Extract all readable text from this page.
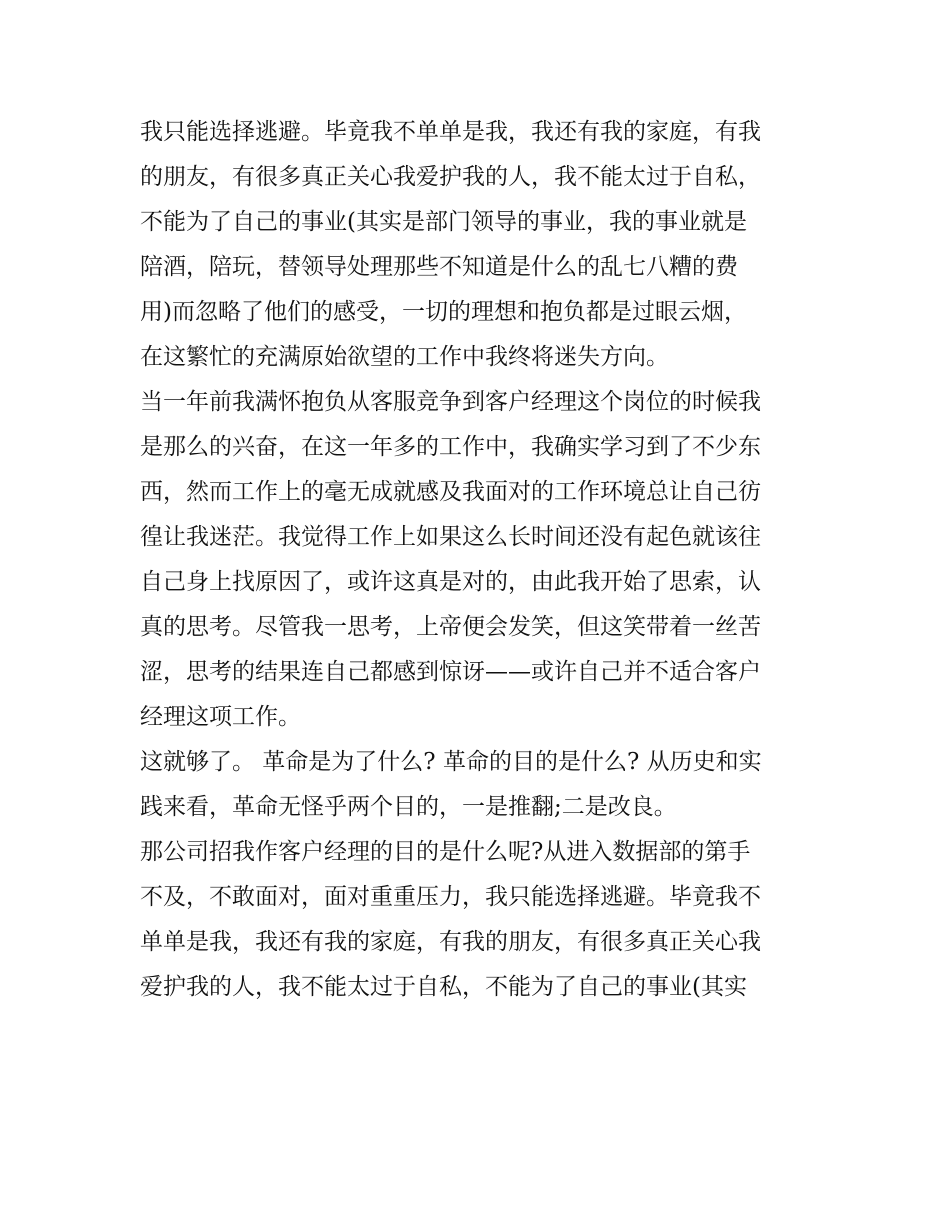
我只能选择逃避。毕竟我不单单是我，我还有我的家庭，有我
的朋友，有很多真正关心我爱护我的人，我不能太过于自私，
不能为了自己的事业(其实是部门领导的事业，我的事业就是
陪酒，陪玩，替领导处理那些不知道是什么的乱七八糟的费
用)而忽略了他们的感受，一切的理想和抱负都是过眼云烟，
在这繁忙的充满原始欲望的工作中我终将迷失方向。
当一年前我满怀抱负从客服竞争到客户经理这个岗位的时候我
是那么的兴奋，在这一年多的工作中，我确实学习到了不少东
西，然而工作上的毫无成就感及我面对的工作环境总让自己彷
徨让我迷茫。我觉得工作上如果这么长时间还没有起色就该往
自己身上找原因了，或许这真是对的，由此我开始了思索，认
真的思考。尽管我一思考，上帝便会发笑，但这笑带着一丝苦
涩，思考的结果连自己都感到惊讶——或许自己并不适合客户
经理这项工作。
这就够了。 革命是为了什么? 革命的目的是什么? 从历史和实
践来看，革命无怪乎两个目的，一是推翻;二是改良。
那公司招我作客户经理的目的是什么呢?从进入数据部的第手
不及，不敢面对，面对重重压力，我只能选择逃避。毕竟我不
单单是我，我还有我的家庭，有我的朋友，有很多真正关心我
爱护我的人，我不能太过于自私，不能为了自己的事业(其实
